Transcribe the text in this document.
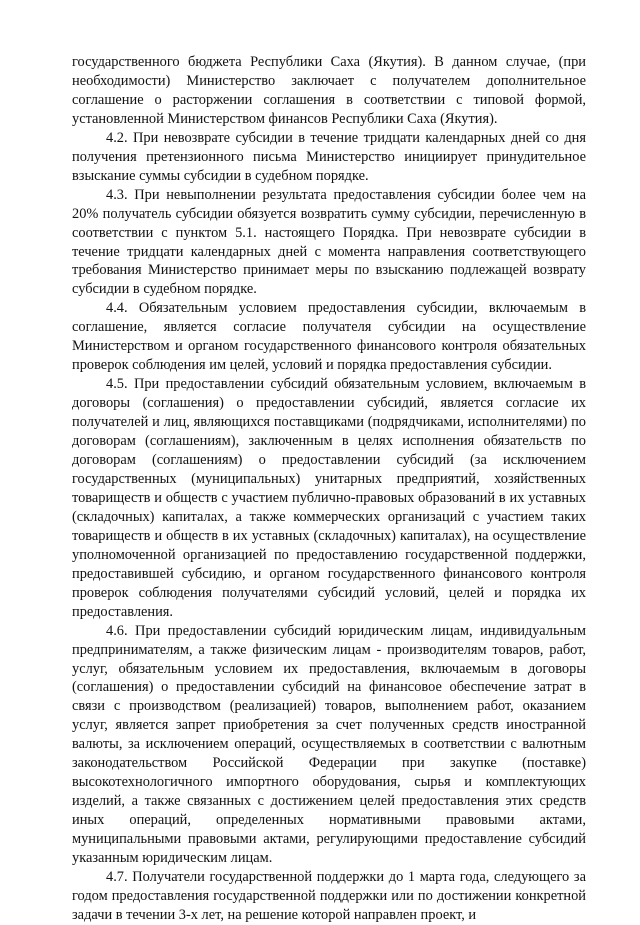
государственного бюджета Республики Саха (Якутия). В данном случае, (при необходимости) Министерство заключает с получателем дополнительное соглашение о расторжении соглашения в соответствии с типовой формой, установленной Министерством финансов Республики Саха (Якутия).

4.2. При невозврате субсидии в течение тридцати календарных дней со дня получения претензионного письма Министерство инициирует принудительное взыскание суммы субсидии в судебном порядке.

4.3. При невыполнении результата предоставления субсидии более чем на 20% получатель субсидии обязуется возвратить сумму субсидии, перечисленную в соответствии с пунктом 5.1. настоящего Порядка. При невозврате субсидии в течение тридцати календарных дней с момента направления соответствующего требования Министерство принимает меры по взысканию подлежащей возврату субсидии в судебном порядке.

4.4. Обязательным условием предоставления субсидии, включаемым в соглашение, является согласие получателя субсидии на осуществление Министерством и органом государственного финансового контроля обязательных проверок соблюдения им целей, условий и порядка предоставления субсидии.

4.5. При предоставлении субсидий обязательным условием, включаемым в договоры (соглашения) о предоставлении субсидий, является согласие их получателей и лиц, являющихся поставщиками (подрядчиками, исполнителями) по договорам (соглашениям), заключенным в целях исполнения обязательств по договорам (соглашениям) о предоставлении субсидий (за исключением государственных (муниципальных) унитарных предприятий, хозяйственных товариществ и обществ с участием публично-правовых образований в их уставных (складочных) капиталах, а также коммерческих организаций с участием таких товариществ и обществ в их уставных (складочных) капиталах), на осуществление уполномоченной организацией по предоставлению государственной поддержки, предоставившей субсидию, и органом государственного финансового контроля проверок соблюдения получателями субсидий условий, целей и порядка их предоставления.

4.6. При предоставлении субсидий юридическим лицам, индивидуальным предпринимателям, а также физическим лицам - производителям товаров, работ, услуг, обязательным условием их предоставления, включаемым в договоры (соглашения) о предоставлении субсидий на финансовое обеспечение затрат в связи с производством (реализацией) товаров, выполнением работ, оказанием услуг, является запрет приобретения за счет полученных средств иностранной валюты, за исключением операций, осуществляемых в соответствии с валютным законодательством Российской Федерации при закупке (поставке) высокотехнологичного импортного оборудования, сырья и комплектующих изделий, а также связанных с достижением целей предоставления этих средств иных операций, определенных нормативными правовыми актами, муниципальными правовыми актами, регулирующими предоставление субсидий указанным юридическим лицам.

4.7. Получатели государственной поддержки до 1 марта года, следующего за годом предоставления государственной поддержки или по достижении конкретной задачи в течении 3-х лет, на решение которой направлен проект, и
